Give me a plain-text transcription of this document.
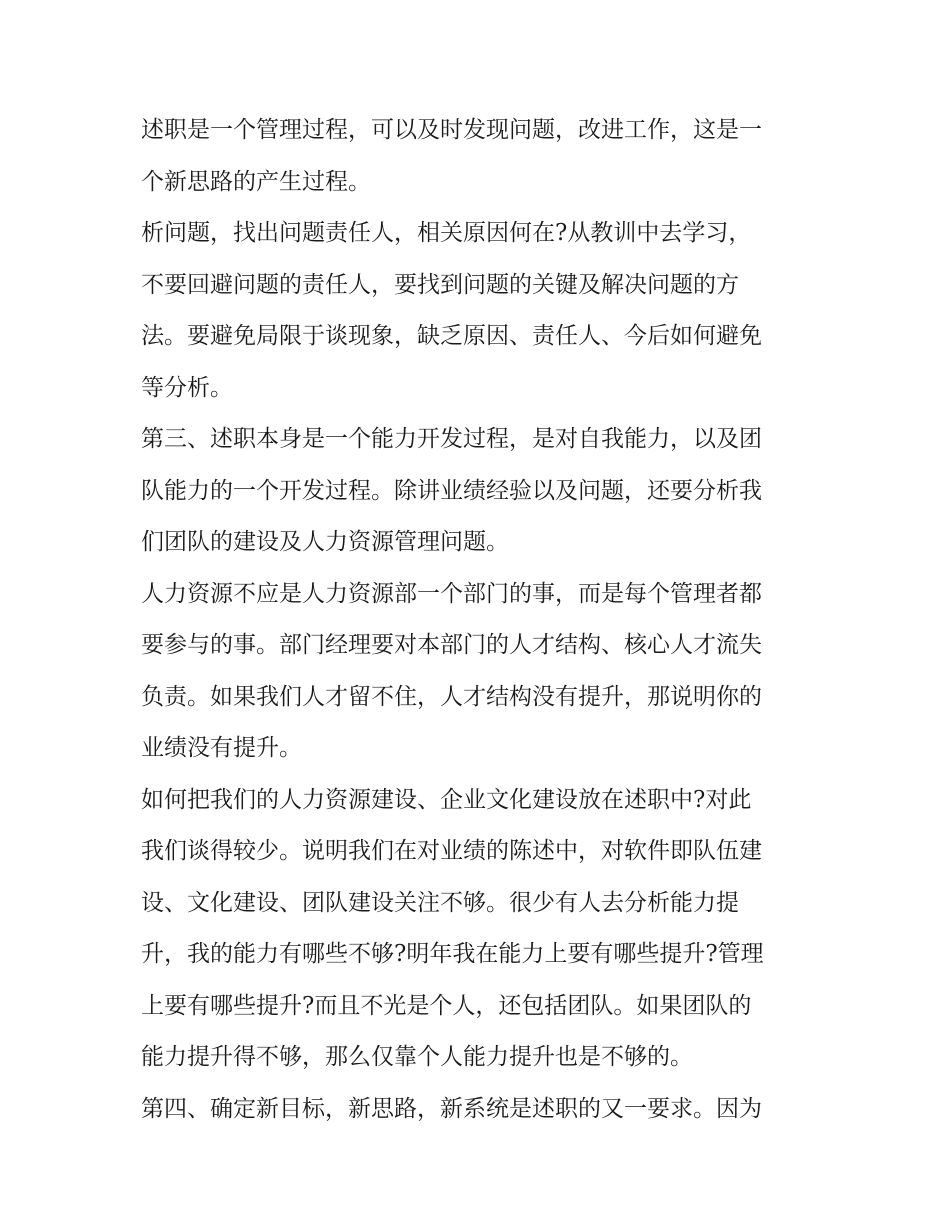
述职是一个管理过程，可以及时发现问题，改进工作，这是一
个新思路的产生过程。
析问题，找出问题责任人，相关原因何在?从教训中去学习，
不要回避问题的责任人，要找到问题的关键及解决问题的方
法。要避免局限于谈现象，缺乏原因、责任人、今后如何避免
等分析。
第三、述职本身是一个能力开发过程，是对自我能力，以及团
队能力的一个开发过程。除讲业绩经验以及问题，还要分析我
们团队的建设及人力资源管理问题。
人力资源不应是人力资源部一个部门的事，而是每个管理者都
要参与的事。部门经理要对本部门的人才结构、核心人才流失
负责。如果我们人才留不住，人才结构没有提升，那说明你的
业绩没有提升。
如何把我们的人力资源建设、企业文化建设放在述职中?对此
我们谈得较少。说明我们在对业绩的陈述中，对软件即队伍建
设、文化建设、团队建设关注不够。很少有人去分析能力提
升，我的能力有哪些不够?明年我在能力上要有哪些提升?管理
上要有哪些提升?而且不光是个人，还包括团队。如果团队的
能力提升得不够，那么仅靠个人能力提升也是不够的。
第四、确定新目标，新思路，新系统是述职的又一要求。因为
